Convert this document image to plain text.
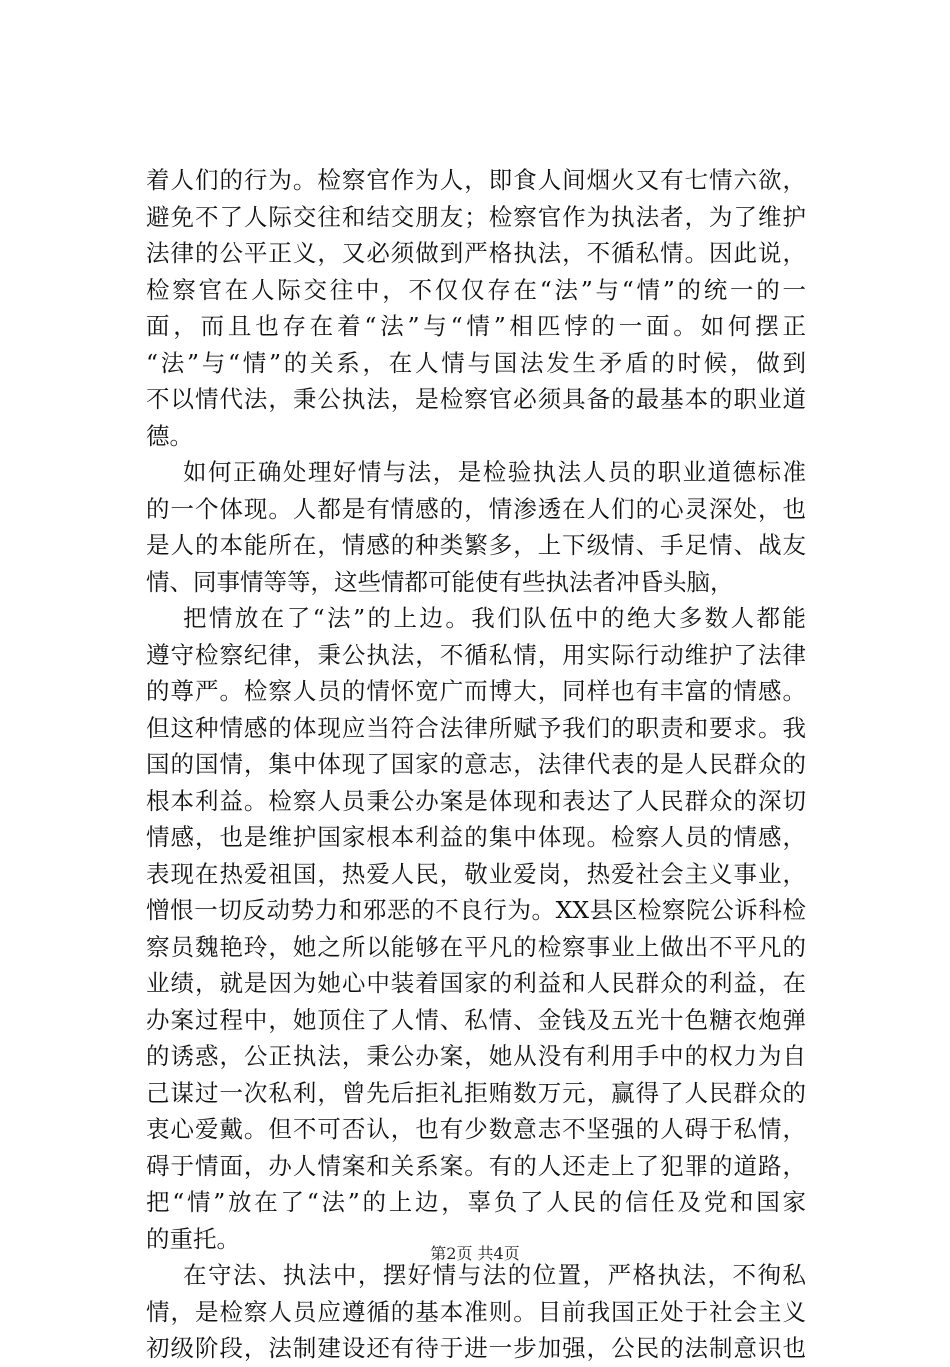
着人们的行为。检察官作为人，即食人间烟火又有七情六欲，
避免不了人际交往和结交朋友；检察官作为执法者，为了维护
法律的公平正义，又必须做到严格执法，不循私情。因此说，
检察官在人际交往中，不仅仅存在“法”与“情”的统一的一
面，而且也存在着“法”与“情”相匹悖的一面。如何摆正
“法”与“情”的关系，在人情与国法发生矛盾的时候，做到
不以情代法，秉公执法，是检察官必须具备的最基本的职业道
德。
如何正确处理好情与法，是检验执法人员的职业道德标准
的一个体现。人都是有情感的，情渗透在人们的心灵深处，也
是人的本能所在，情感的种类繁多，上下级情、手足情、战友
情、同事情等等，这些情都可能使有些执法者冲昏头脑，
把情放在了“法”的上边。我们队伍中的绝大多数人都能
遵守检察纪律，秉公执法，不循私情，用实际行动维护了法律
的尊严。检察人员的情怀宽广而博大，同样也有丰富的情感。
但这种情感的体现应当符合法律所赋予我们的职责和要求。我
国的国情，集中体现了国家的意志，法律代表的是人民群众的
根本利益。检察人员秉公办案是体现和表达了人民群众的深切
情感，也是维护国家根本利益的集中体现。检察人员的情感，
表现在热爱祖国，热爱人民，敬业爱岗，热爱社会主义事业，
憎恨一切反动势力和邪恶的不良行为。XX县区检察院公诉科检
察员魏艳玲，她之所以能够在平凡的检察事业上做出不平凡的
业绩，就是因为她心中装着国家的利益和人民群众的利益，在
办案过程中，她顶住了人情、私情、金钱及五光十色糖衣炮弹
的诱惑，公正执法，秉公办案，她从没有利用手中的权力为自
己谋过一次私利，曾先后拒礼拒贿数万元，赢得了人民群众的
衷心爱戴。但不可否认，也有少数意志不坚强的人碍于私情，
碍于情面，办人情案和关系案。有的人还走上了犯罪的道路，
把“情”放在了“法”的上边，辜负了人民的信任及党和国家
的重托。
在守法、执法中，摆好情与法的位置，严格执法，不徇私
情，是检察人员应遵循的基本准则。目前我国正处于社会主义
初级阶段，法制建设还有待于进一步加强，公民的法制意识也
第2页 共4页
